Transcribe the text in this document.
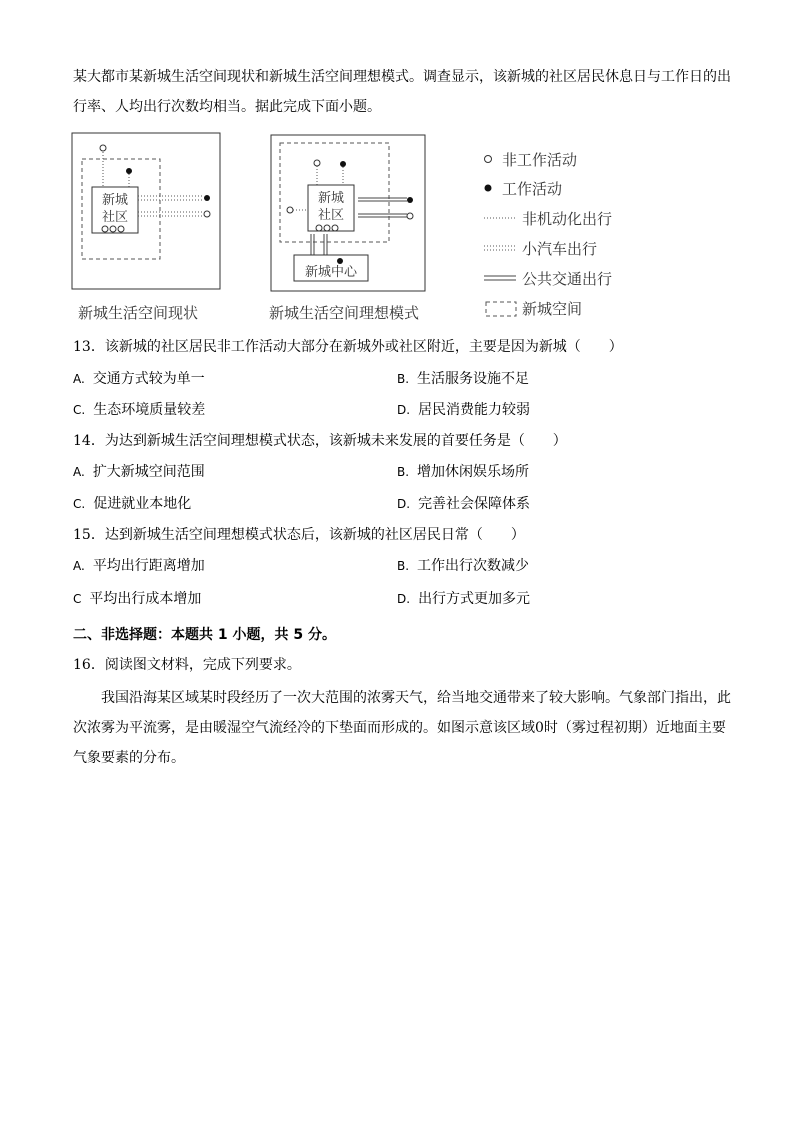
某大都市某新城生活空间现状和新城生活空间理想模式。调查显示，该新城的社区居民休息日与工作日的出行率、人均出行次数均相当。据此完成下面小题。
新城
社区
新城生活空间现状
新城
社区
新城中心
新城生活空间理想模式
非工作活动
工作活动
非机动化出行
小汽车出行
公共交通出行
新城空间
13．该新城的社区居民非工作活动大部分在新城外或社区附近，主要是因为新城（　　）
A. 交通方式较为单一	B. 生活服务设施不足
C. 生态环境质量较差	D. 居民消费能力较弱
14．为达到新城生活空间理想模式状态，该新城未来发展的首要任务是（　　）
A. 扩大新城空间范围	B. 增加休闲娱乐场所
C. 促进就业本地化	D. 完善社会保障体系
15．达到新城生活空间理想模式状态后，该新城的社区居民日常（　　）
A. 平均出行距离增加	B. 工作出行次数减少
C 平均出行成本增加	D. 出行方式更加多元
二、非选择题：本题共 1 小题，共 5 分。
16．阅读图文材料，完成下列要求。
我国沿海某区域某时段经历了一次大范围的浓雾天气，给当地交通带来了较大影响。气象部门指出，此次浓雾为平流雾，是由暖湿空气流经冷的下垫面而形成的。如图示意该区域0时（雾过程初期）近地面主要气象要素的分布。
